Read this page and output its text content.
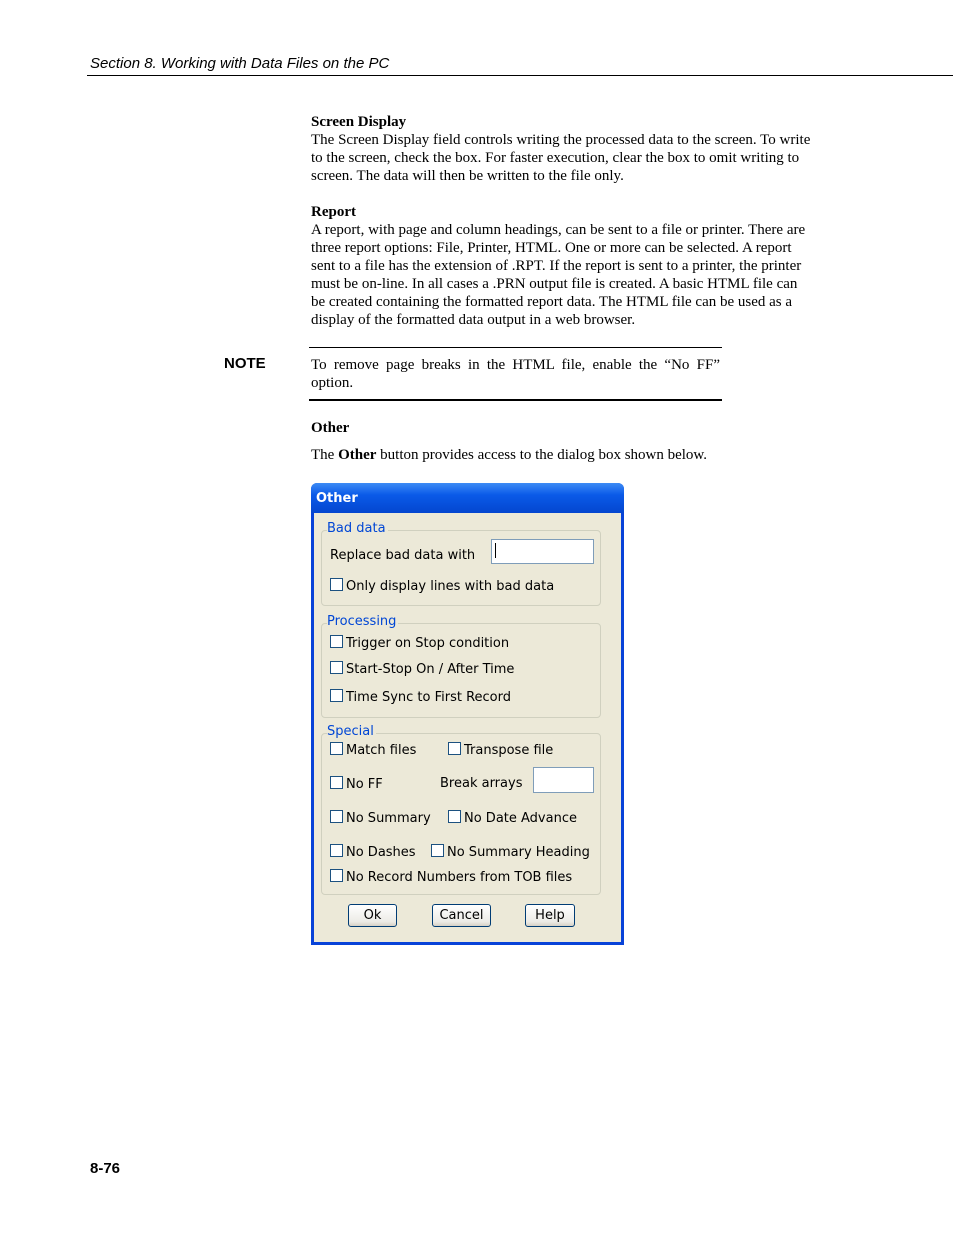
Section 8. Working with Data Files on the PC
Screen Display

The Screen Display field controls writing the processed data to the screen. To write to the screen, check the box. For faster execution, clear the box to omit writing to screen. The data will then be written to the file only.

Report

A report, with page and column headings, can be sent to a file or printer. There are three report options: File, Printer, HTML. One or more can be selected. A report sent to a file has the extension of .RPT. If the report is sent to a printer, the printer must be on-line. In all cases a .PRN output file is created. A basic HTML file can be created containing the formatted report data. The HTML file can be used as a display of the formatted data output in a web browser.

NOTE	To remove page breaks in the HTML file, enable the “No FF” option.
Other

The Other button provides access to the dialog box shown below.

Other
Bad data
Replace bad data with
Only display lines with bad data
Processing
Trigger on Stop condition
Start-Stop On / After Time
Time Sync to First Record
Special
Match files	Transpose file
No FF	Break arrays
No Summary	No Date Advance
No Dashes	No Summary Heading
No Record Numbers from TOB files
Ok	Cancel	Help
8-76
